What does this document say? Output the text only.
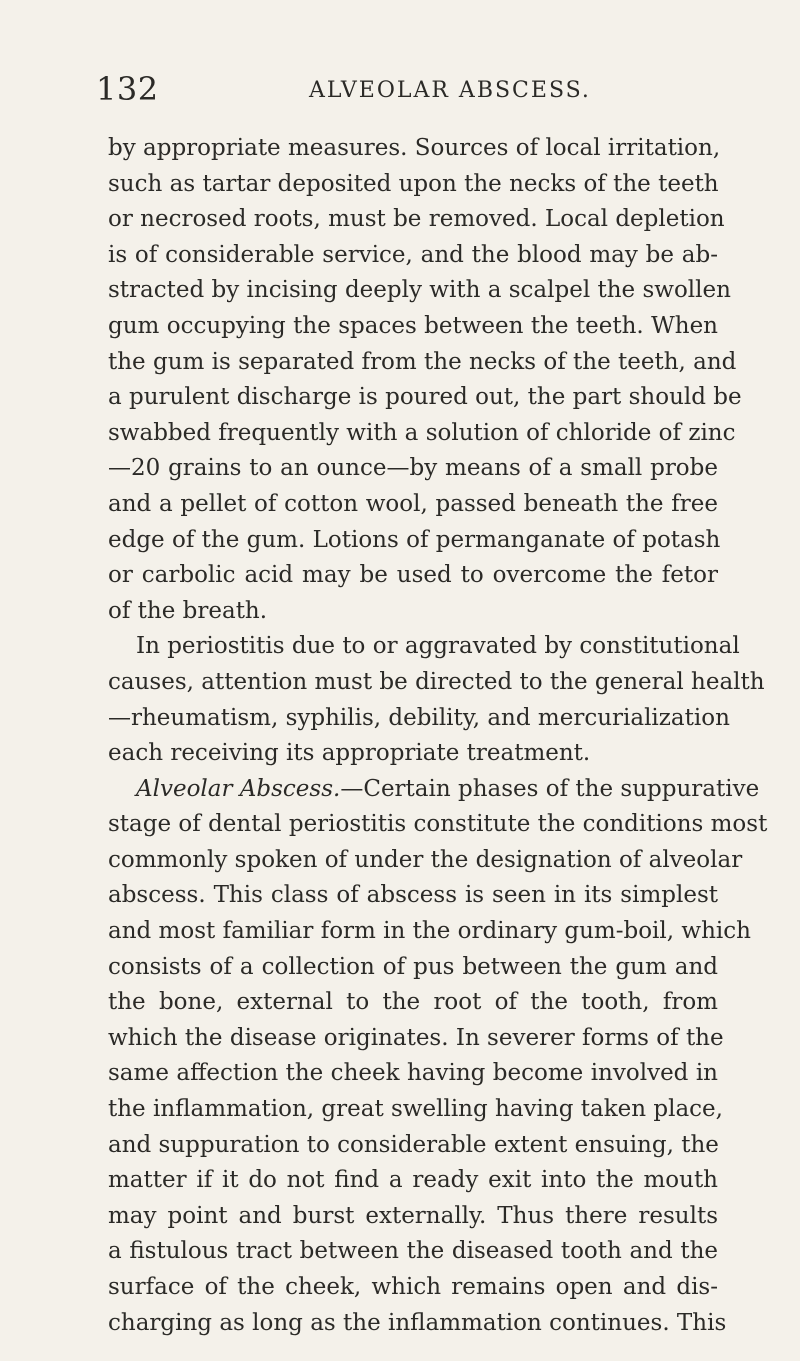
132	ALVEOLAR ABSCESS.
by appropriate measures. Sources of local irritation,
such as tartar deposited upon the necks of the teeth
or necrosed roots, must be removed. Local depletion
is of considerable service, and the blood may be ab-
stracted by incising deeply with a scalpel the swollen
gum occupying the spaces between the teeth. When
the gum is separated from the necks of the teeth, and
a purulent discharge is poured out, the part should be
swabbed frequently with a solution of chloride of zinc
—20 grains to an ounce—by means of a small probe
and a pellet of cotton wool, passed beneath the free
edge of the gum. Lotions of permanganate of potash
or carbolic acid may be used to overcome the fetor
of the breath.
In periostitis due to or aggravated by constitutional
causes, attention must be directed to the general health
—rheumatism, syphilis, debility, and mercurialization
each receiving its appropriate treatment.
Alveolar Abscess.—Certain phases of the suppurative
stage of dental periostitis constitute the conditions most
commonly spoken of under the designation of alveolar
abscess. This class of abscess is seen in its simplest
and most familiar form in the ordinary gum-boil, which
consists of a collection of pus between the gum and
the bone, external to the root of the tooth, from
which the disease originates. In severer forms of the
same affection the cheek having become involved in
the inflammation, great swelling having taken place,
and suppuration to considerable extent ensuing, the
matter if it do not find a ready exit into the mouth
may point and burst externally. Thus there results
a fistulous tract between the diseased tooth and the
surface of the cheek, which remains open and dis-
charging as long as the inflammation continues. This
